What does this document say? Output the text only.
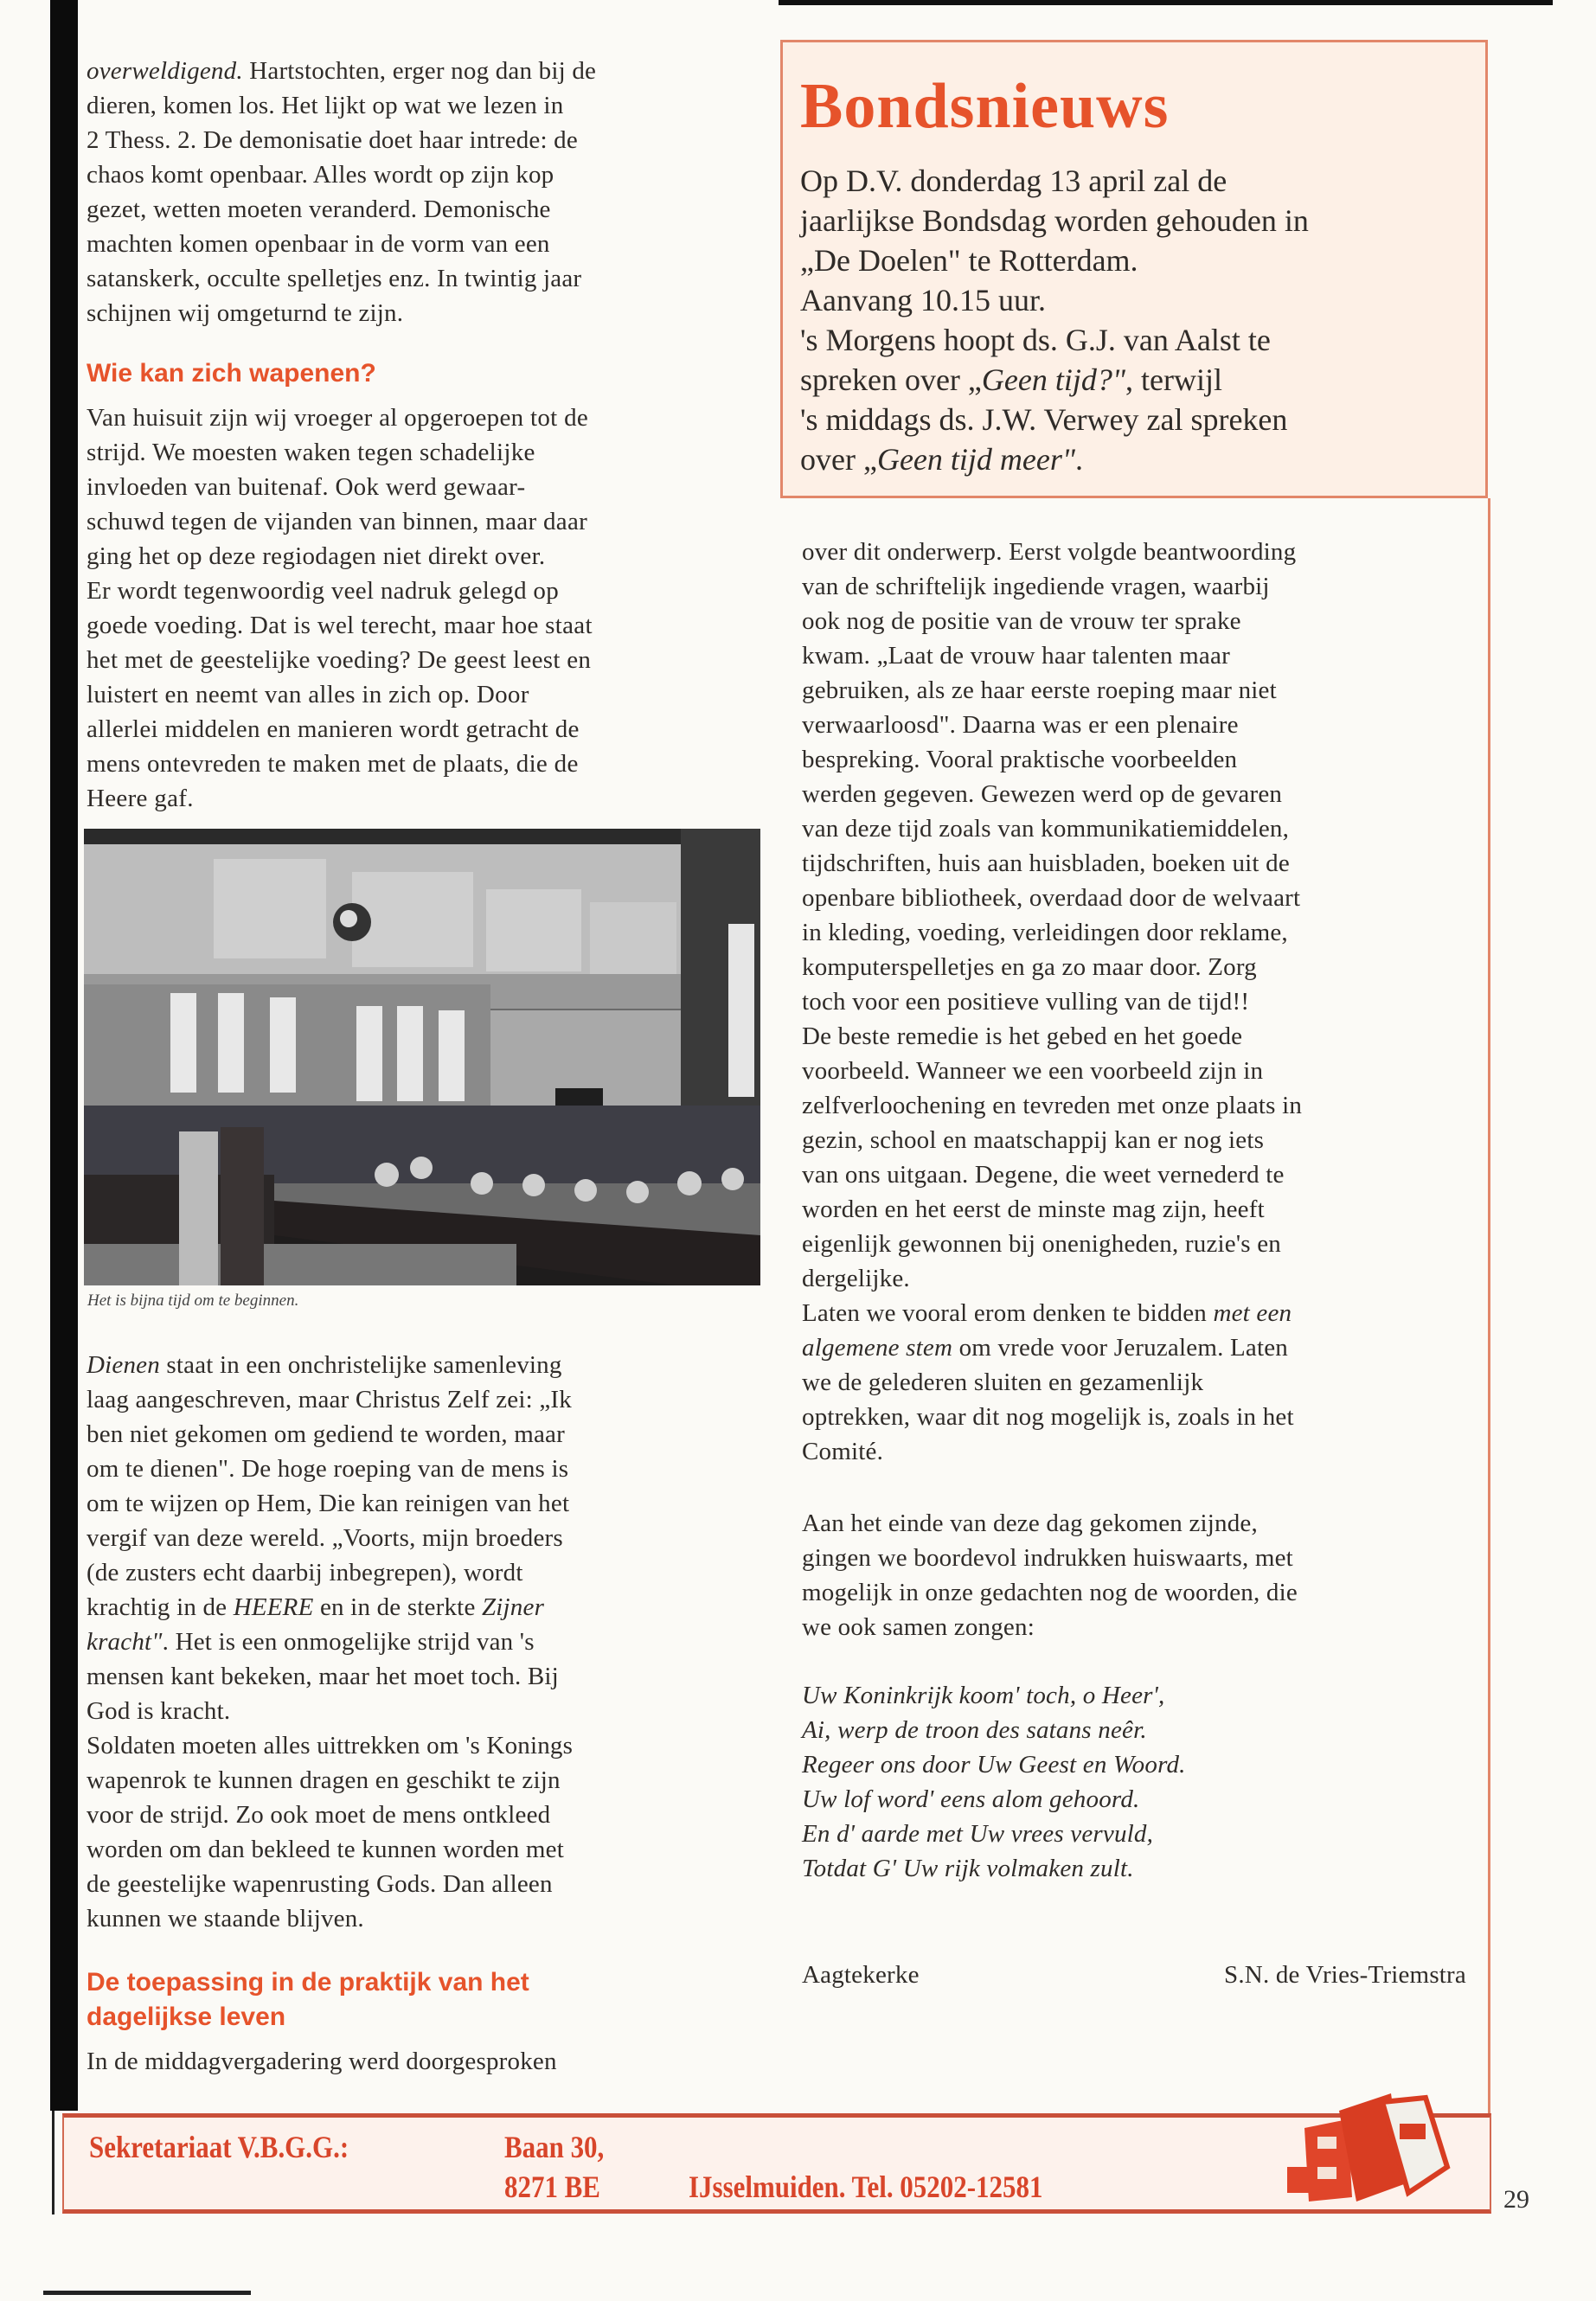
overweldigend. Hartstochten, erger nog dan bij de
dieren, komen los. Het lijkt op wat we lezen in
2 Thess. 2. De demonisatie doet haar intrede: de
chaos komt openbaar. Alles wordt op zijn kop
gezet, wetten moeten veranderd. Demonische
machten komen openbaar in de vorm van een
satanskerk, occulte spelletjes enz. In twintig jaar
schijnen wij omgeturnd te zijn.
Wie kan zich wapenen?
Van huisuit zijn wij vroeger al opgeroepen tot de
strijd. We moesten waken tegen schadelijke
invloeden van buitenaf. Ook werd gewaar-
schuwd tegen de vijanden van binnen, maar daar
ging het op deze regiodagen niet direkt over.
Er wordt tegenwoordig veel nadruk gelegd op
goede voeding. Dat is wel terecht, maar hoe staat
het met de geestelijke voeding? De geest leest en
luistert en neemt van alles in zich op. Door
allerlei middelen en manieren wordt getracht de
mens ontevreden te maken met de plaats, die de
Heere gaf.
Het is bijna tijd om te beginnen.
Dienen staat in een onchristelijke samenleving
laag aangeschreven, maar Christus Zelf zei: „Ik
ben niet gekomen om gediend te worden, maar
om te dienen". De hoge roeping van de mens is
om te wijzen op Hem, Die kan reinigen van het
vergif van deze wereld. „Voorts, mijn broeders
(de zusters echt daarbij inbegrepen), wordt
krachtig in de HEERE en in de sterkte Zijner
kracht". Het is een onmogelijke strijd van 's
mensen kant bekeken, maar het moet toch. Bij
God is kracht.
Soldaten moeten alles uittrekken om 's Konings
wapenrok te kunnen dragen en geschikt te zijn
voor de strijd. Zo ook moet de mens ontkleed
worden om dan bekleed te kunnen worden met
de geestelijke wapenrusting Gods. Dan alleen
kunnen we staande blijven.
De toepassing in de praktijk van het
dagelijkse leven
In de middagvergadering werd doorgesproken
Bondsnieuws
Op D.V. donderdag 13 april zal de
jaarlijkse Bondsdag worden gehouden in
„De Doelen" te Rotterdam.
Aanvang 10.15 uur.
's Morgens hoopt ds. G.J. van Aalst te
spreken over „Geen tijd?", terwijl
's middags ds. J.W. Verwey zal spreken
over „Geen tijd meer".
over dit onderwerp. Eerst volgde beantwoording
van de schriftelijk ingediende vragen, waarbij
ook nog de positie van de vrouw ter sprake
kwam. „Laat de vrouw haar talenten maar
gebruiken, als ze haar eerste roeping maar niet
verwaarloosd". Daarna was er een plenaire
bespreking. Vooral praktische voorbeelden
werden gegeven. Gewezen werd op de gevaren
van deze tijd zoals van kommunikatiemiddelen,
tijdschriften, huis aan huisbladen, boeken uit de
openbare bibliotheek, overdaad door de welvaart
in kleding, voeding, verleidingen door reklame,
komputerspelletjes en ga zo maar door. Zorg
toch voor een positieve vulling van de tijd!!
De beste remedie is het gebed en het goede
voorbeeld. Wanneer we een voorbeeld zijn in
zelfverloochening en tevreden met onze plaats in
gezin, school en maatschappij kan er nog iets
van ons uitgaan. Degene, die weet vernederd te
worden en het eerst de minste mag zijn, heeft
eigenlijk gewonnen bij onenigheden, ruzie's en
dergelijke.
Laten we vooral erom denken te bidden met een
algemene stem om vrede voor Jeruzalem. Laten
we de gelederen sluiten en gezamenlijk
optrekken, waar dit nog mogelijk is, zoals in het
Comité.
Aan het einde van deze dag gekomen zijnde,
gingen we boordevol indrukken huiswaarts, met
mogelijk in onze gedachten nog de woorden, die
we ook samen zongen:
Uw Koninkrijk koom' toch, o Heer',
Ai, werp de troon des satans neêr.
Regeer ons door Uw Geest en Woord.
Uw lof word' eens alom gehoord.
En d' aarde met Uw vrees vervuld,
Totdat G' Uw rijk volmaken zult.
Aagtekerke	S.N. de Vries-Triemstra
Sekretariaat V.B.G.G.:	Baan 30,
8271 BE	IJsselmuiden. Tel. 05202-12581	29
